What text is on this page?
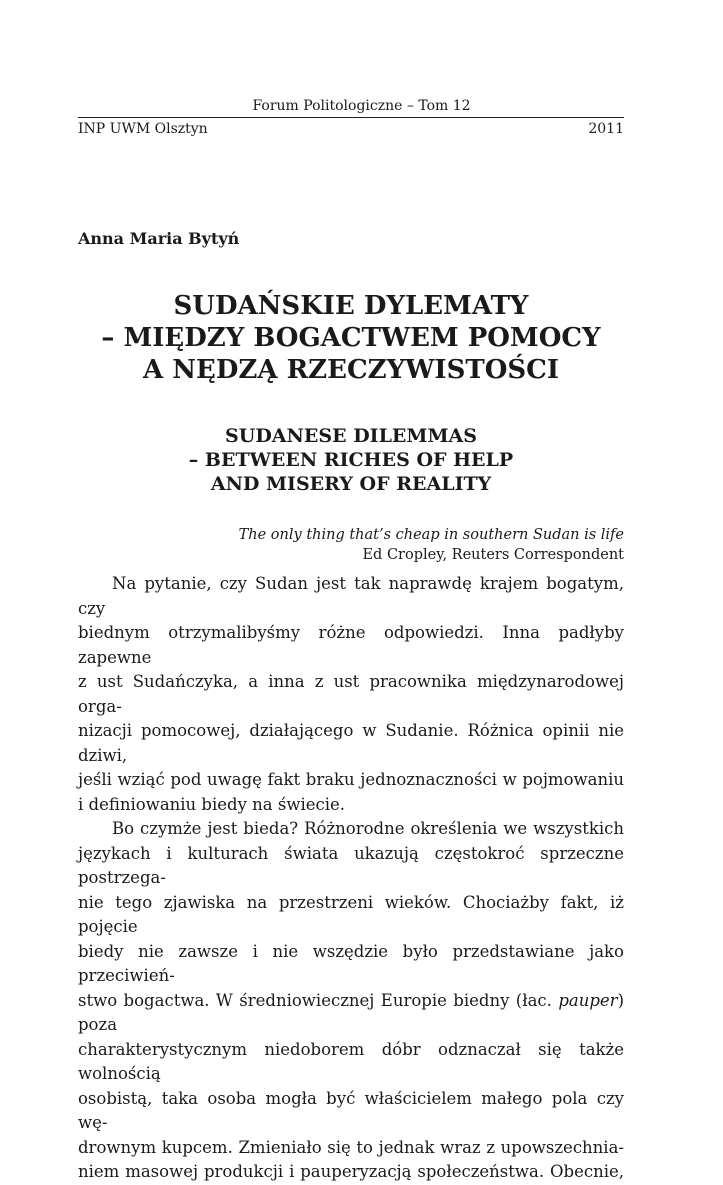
Forum Politologiczne – Tom 12
INP UWM Olsztyn	2011
Anna Maria Bytyń
SUDAŃSKIE DYLEMATY
– MIĘDZY BOGACTWEM POMOCY
A NĘDZĄ RZECZYWISTOŚCI
SUDANESE DILEMMAS
– BETWEEN RICHES OF HELP
AND MISERY OF REALITY
The only thing that’s cheap in southern Sudan is life
Ed Cropley, Reuters Correspondent
Na pytanie, czy Sudan jest tak naprawdę krajem bogatym, czy
biednym otrzymalibyśmy różne odpowiedzi. Inna padłyby zapewne
z ust Sudańczyka, a inna z ust pracownika międzynarodowej orga-
nizacji pomocowej, działającego w Sudanie. Różnica opinii nie dziwi,
jeśli wziąć pod uwagę fakt braku jednoznaczności w pojmowaniu
i definiowaniu biedy na świecie.
Bo czymże jest bieda? Różnorodne określenia we wszystkich
językach i kulturach świata ukazują częstokroć sprzeczne postrzega-
nie tego zjawiska na przestrzeni wieków. Chociażby fakt, iż pojęcie
biedy nie zawsze i nie wszędzie było przedstawiane jako przeciwień-
stwo bogactwa. W średniowiecznej Europie biedny (łac. pauper) poza
charakterystycznym niedoborem dóbr odznaczał się także wolnością
osobistą, taka osoba mogła być właścicielem małego pola czy wę-
drownym kupcem. Zmieniało się to jednak wraz z upowszechnia-
niem masowej produkcji i pauperyzacją społeczeństwa. Obecnie,
